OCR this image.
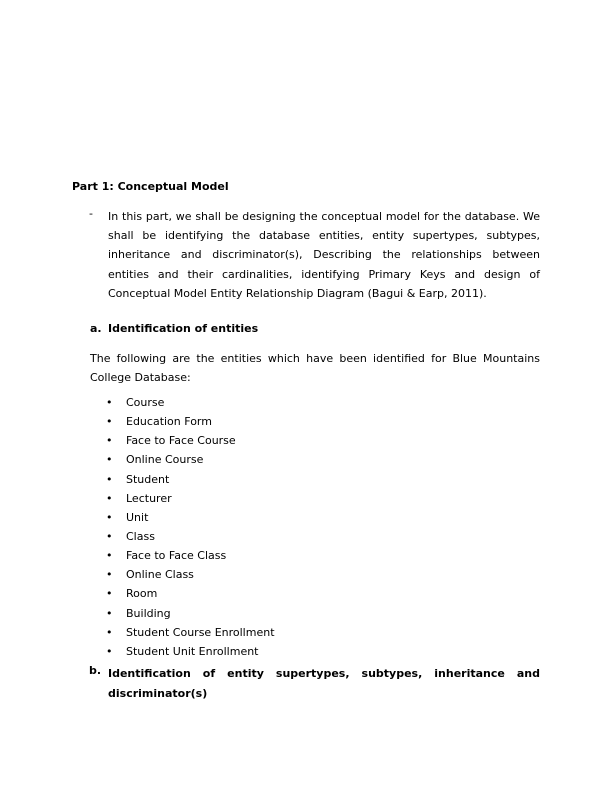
Part 1: Conceptual Model
- In this part, we shall be designing the conceptual model for the database. We shall be identifying the database entities, entity supertypes, subtypes, inheritance and discriminator(s), Describing the relationships between entities and their cardinalities, identifying Primary Keys and design of Conceptual Model Entity Relationship Diagram (Bagui & Earp, 2011).
a. Identification of entities
The following are the entities which have been identified for Blue Mountains College Database:
• Course
• Education Form
• Face to Face Course
• Online Course
• Student
• Lecturer
• Unit
• Class
• Face to Face Class
• Online Class
• Room
• Building
• Student Course Enrollment
• Student Unit Enrollment
b. Identification of entity supertypes, subtypes, inheritance and discriminator(s)
